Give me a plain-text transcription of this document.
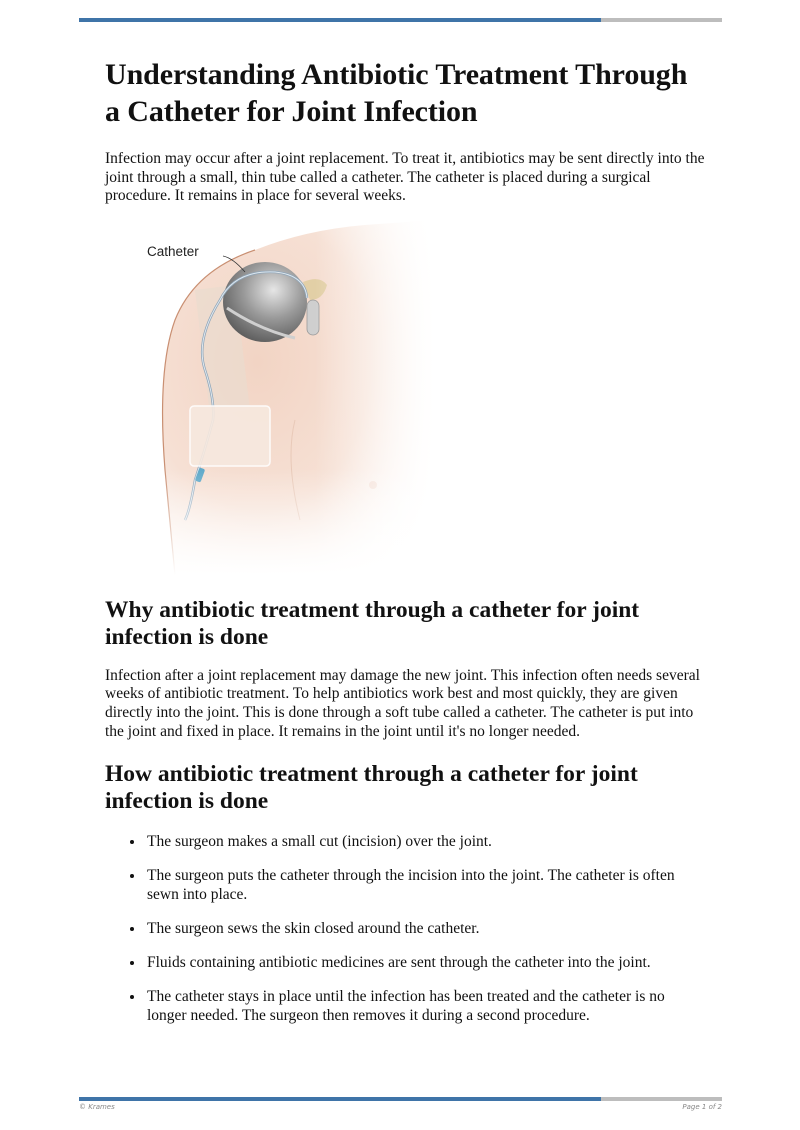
Understanding Antibiotic Treatment Through a Catheter for Joint Infection

Infection may occur after a joint replacement. To treat it, antibiotics may be sent directly into the joint through a small, thin tube called a catheter. The catheter is placed during a surgical procedure. It remains in place for several weeks.

Catheter
Why antibiotic treatment through a catheter for joint infection is done

Infection after a joint replacement may damage the new joint. This infection often needs several weeks of antibiotic treatment. To help antibiotics work best and most quickly, they are given directly into the joint. This is done through a soft tube called a catheter. The catheter is put into the joint and fixed in place. It remains in the joint until it's no longer needed.

How antibiotic treatment through a catheter for joint infection is done
• The surgeon makes a small cut (incision) over the joint.
• The surgeon puts the catheter through the incision into the joint. The catheter is often sewn into place.
• The surgeon sews the skin closed around the catheter.
• Fluids containing antibiotic medicines are sent through the catheter into the joint.
• The catheter stays in place until the infection has been treated and the catheter is no longer needed. The surgeon then removes it during a second procedure.
© Krames	Page 1 of 2
